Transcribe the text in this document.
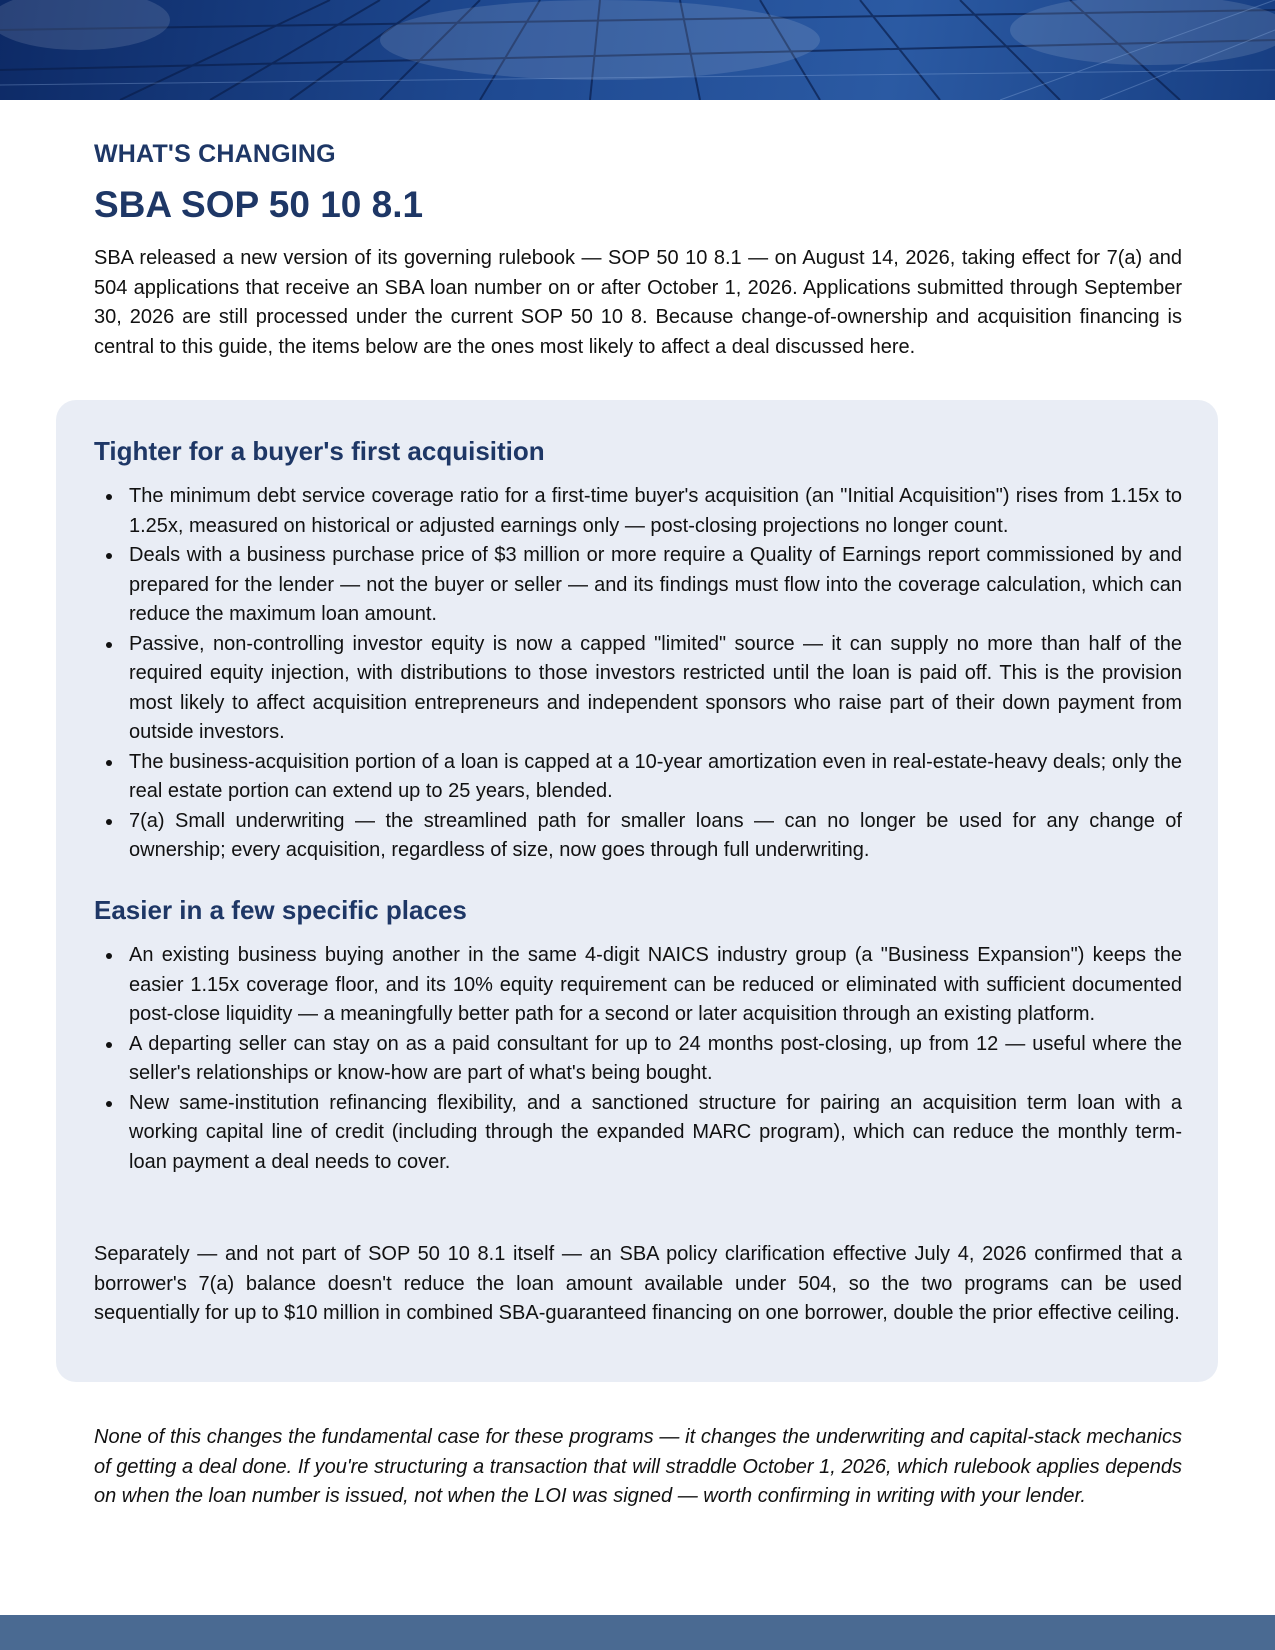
WHAT'S CHANGING
SBA SOP 50 10 8.1

SBA released a new version of its governing rulebook — SOP 50 10 8.1 — on August 14, 2026, taking effect for 7(a) and 504 applications that receive an SBA loan number on or after October 1, 2026. Applications submitted through September 30, 2026 are still processed under the current SOP 50 10 8. Because change-of-ownership and acquisition financing is central to this guide, the items below are the ones most likely to affect a deal discussed here.

Tighter for a buyer's first acquisition
The minimum debt service coverage ratio for a first-time buyer's acquisition (an "Initial Acquisition") rises from 1.15x to 1.25x, measured on historical or adjusted earnings only — post-closing projections no longer count.
Deals with a business purchase price of $3 million or more require a Quality of Earnings report commissioned by and prepared for the lender — not the buyer or seller — and its findings must flow into the coverage calculation, which can reduce the maximum loan amount.
Passive, non-controlling investor equity is now a capped "limited" source — it can supply no more than half of the required equity injection, with distributions to those investors restricted until the loan is paid off. This is the provision most likely to affect acquisition entrepreneurs and independent sponsors who raise part of their down payment from outside investors.
The business-acquisition portion of a loan is capped at a 10-year amortization even in real-estate-heavy deals; only the real estate portion can extend up to 25 years, blended.
7(a) Small underwriting — the streamlined path for smaller loans — can no longer be used for any change of ownership; every acquisition, regardless of size, now goes through full underwriting.
Easier in a few specific places
An existing business buying another in the same 4-digit NAICS industry group (a "Business Expansion") keeps the easier 1.15x coverage floor, and its 10% equity requirement can be reduced or eliminated with sufficient documented post-close liquidity — a meaningfully better path for a second or later acquisition through an existing platform.
A departing seller can stay on as a paid consultant for up to 24 months post-closing, up from 12 — useful where the seller's relationships or know-how are part of what's being bought.
New same-institution refinancing flexibility, and a sanctioned structure for pairing an acquisition term loan with a working capital line of credit (including through the expanded MARC program), which can reduce the monthly term-loan payment a deal needs to cover.

Separately — and not part of SOP 50 10 8.1 itself — an SBA policy clarification effective July 4, 2026 confirmed that a borrower's 7(a) balance doesn't reduce the loan amount available under 504, so the two programs can be used sequentially for up to $10 million in combined SBA-guaranteed financing on one borrower, double the prior effective ceiling.

None of this changes the fundamental case for these programs — it changes the underwriting and capital-stack mechanics of getting a deal done. If you're structuring a transaction that will straddle October 1, 2026, which rulebook applies depends on when the loan number is issued, not when the LOI was signed — worth confirming in writing with your lender.
